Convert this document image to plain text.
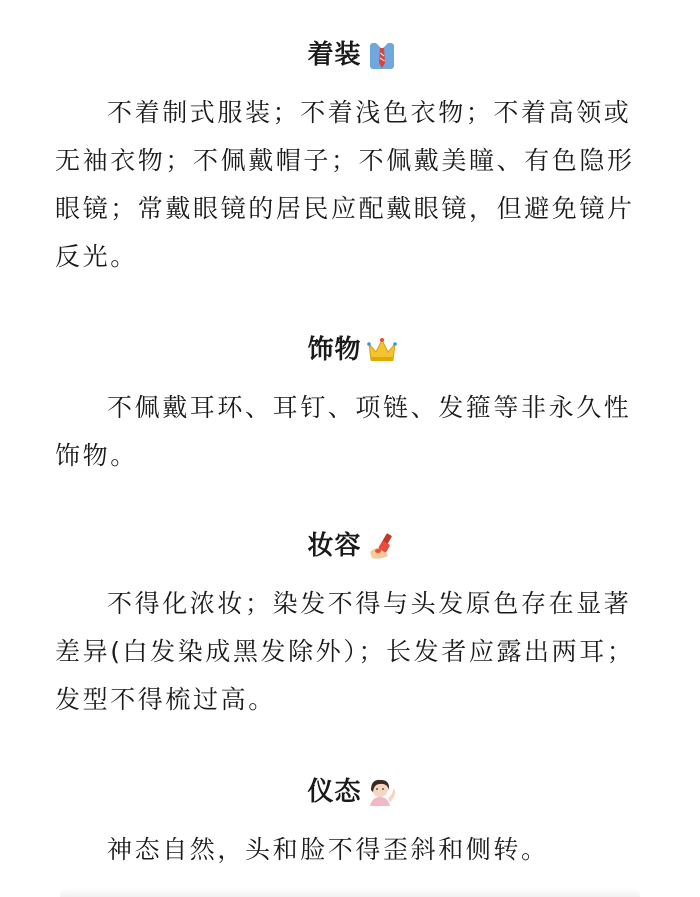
着装

不着制式服装；不着浅色衣物；不着高领或无袖衣物；不佩戴帽子；不佩戴美瞳、有色隐形眼镜；常戴眼镜的居民应配戴眼镜，但避免镜片反光。

饰物

不佩戴耳环、耳钉、项链、发箍等非永久性饰物。

妆容

不得化浓妆；染发不得与头发原色存在显著差异(白发染成黑发除外）；长发者应露出两耳；发型不得梳过高。

仪态

神态自然，头和脸不得歪斜和侧转。
